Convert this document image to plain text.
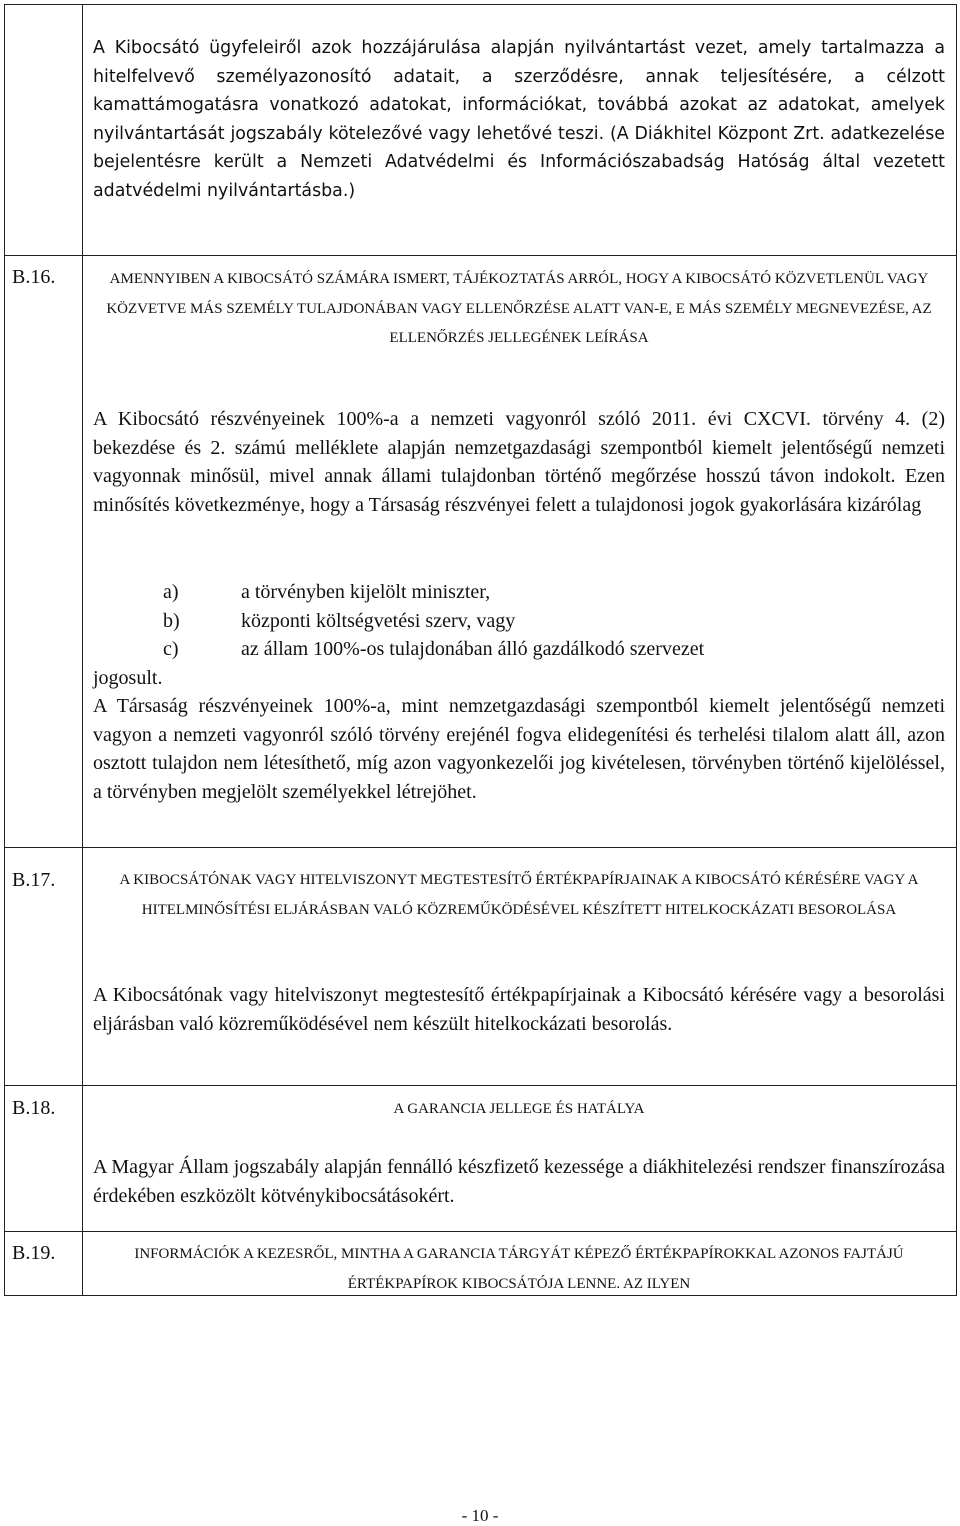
A Kibocsátó ügyfeleiről azok hozzájárulása alapján nyilvántartást vezet, amely tartalmazza a hitelfelvevő személyazonosító adatait, a szerződésre, annak teljesítésére, a célzott kamattámogatásra vonatkozó adatokat, információkat, továbbá azokat az adatokat, amelyek nyilvántartását jogszabály kötelezővé vagy lehetővé teszi. (A Diákhitel Központ Zrt. adatkezelése bejelentésre került a Nemzeti Adatvédelmi és Információszabadság Hatóság által vezetett adatvédelmi nyilvántartásba.)

B.16.	AMENNYIBEN A KIBOCSÁTÓ SZÁMÁRA ISMERT, TÁJÉKOZTATÁS ARRÓL, HOGY A KIBOCSÁTÓ KÖZVETLENÜL VAGY KÖZVETVE MÁS SZEMÉLY TULAJDONÁBAN VAGY ELLENŐRZÉSE ALATT VAN-E, E MÁS SZEMÉLY MEGNEVEZÉSE, AZ ELLENŐRZÉS JELLEGÉNEK LEÍRÁSA

A Kibocsátó részvényeinek 100%-a a nemzeti vagyonról szóló 2011. évi CXCVI. törvény 4. (2) bekezdése és 2. számú melléklete alapján nemzetgazdasági szempontból kiemelt jelentőségű nemzeti vagyonnak minősül, mivel annak állami tulajdonban történő megőrzése hosszú távon indokolt. Ezen minősítés következménye, hogy a Társaság részvényei felett a tulajdonosi jogok gyakorlására kizárólag

a)	a törvényben kijelölt miniszter,
b)	központi költségvetési szerv, vagy
c)	az állam 100%-os tulajdonában álló gazdálkodó szervezet

jogosult.

A Társaság részvényeinek 100%-a, mint nemzetgazdasági szempontból kiemelt jelentőségű nemzeti vagyon a nemzeti vagyonról szóló törvény erejénél fogva elidegenítési és terhelési tilalom alatt áll, azon osztott tulajdon nem létesíthető, míg azon vagyonkezelői jog kivételesen, törvényben történő kijelöléssel, a törvényben megjelölt személyekkel létrejöhet.

B.17.	A KIBOCSÁTÓNAK VAGY HITELVISZONYT MEGTESTESÍTŐ ÉRTÉKPAPÍRJAINAK A KIBOCSÁTÓ KÉRÉSÉRE VAGY A HITELMINŐSÍTÉSI ELJÁRÁSBAN VALÓ KÖZREMŰKÖDÉSÉVEL KÉSZÍTETT HITELKOCKÁZATI BESOROLÁSA

A Kibocsátónak vagy hitelviszonyt megtestesítő értékpapírjainak a Kibocsátó kérésére vagy a besorolási eljárásban való közreműködésével nem készült hitelkockázati besorolás.

B.18.	A GARANCIA JELLEGE ÉS HATÁLYA

A Magyar Állam jogszabály alapján fennálló készfizető kezessége a diákhitelezési rendszer finanszírozása érdekében eszközölt kötvénykibocsátásokért.

B.19.	INFORMÁCIÓK A KEZESRŐL, MINTHA A GARANCIA TÁRGYÁT KÉPEZŐ ÉRTÉKPAPÍROKKAL AZONOS FAJTÁJÚ ÉRTÉKPAPÍROK KIBOCSÁTÓJA LENNE. AZ ILYEN

- 10 -
